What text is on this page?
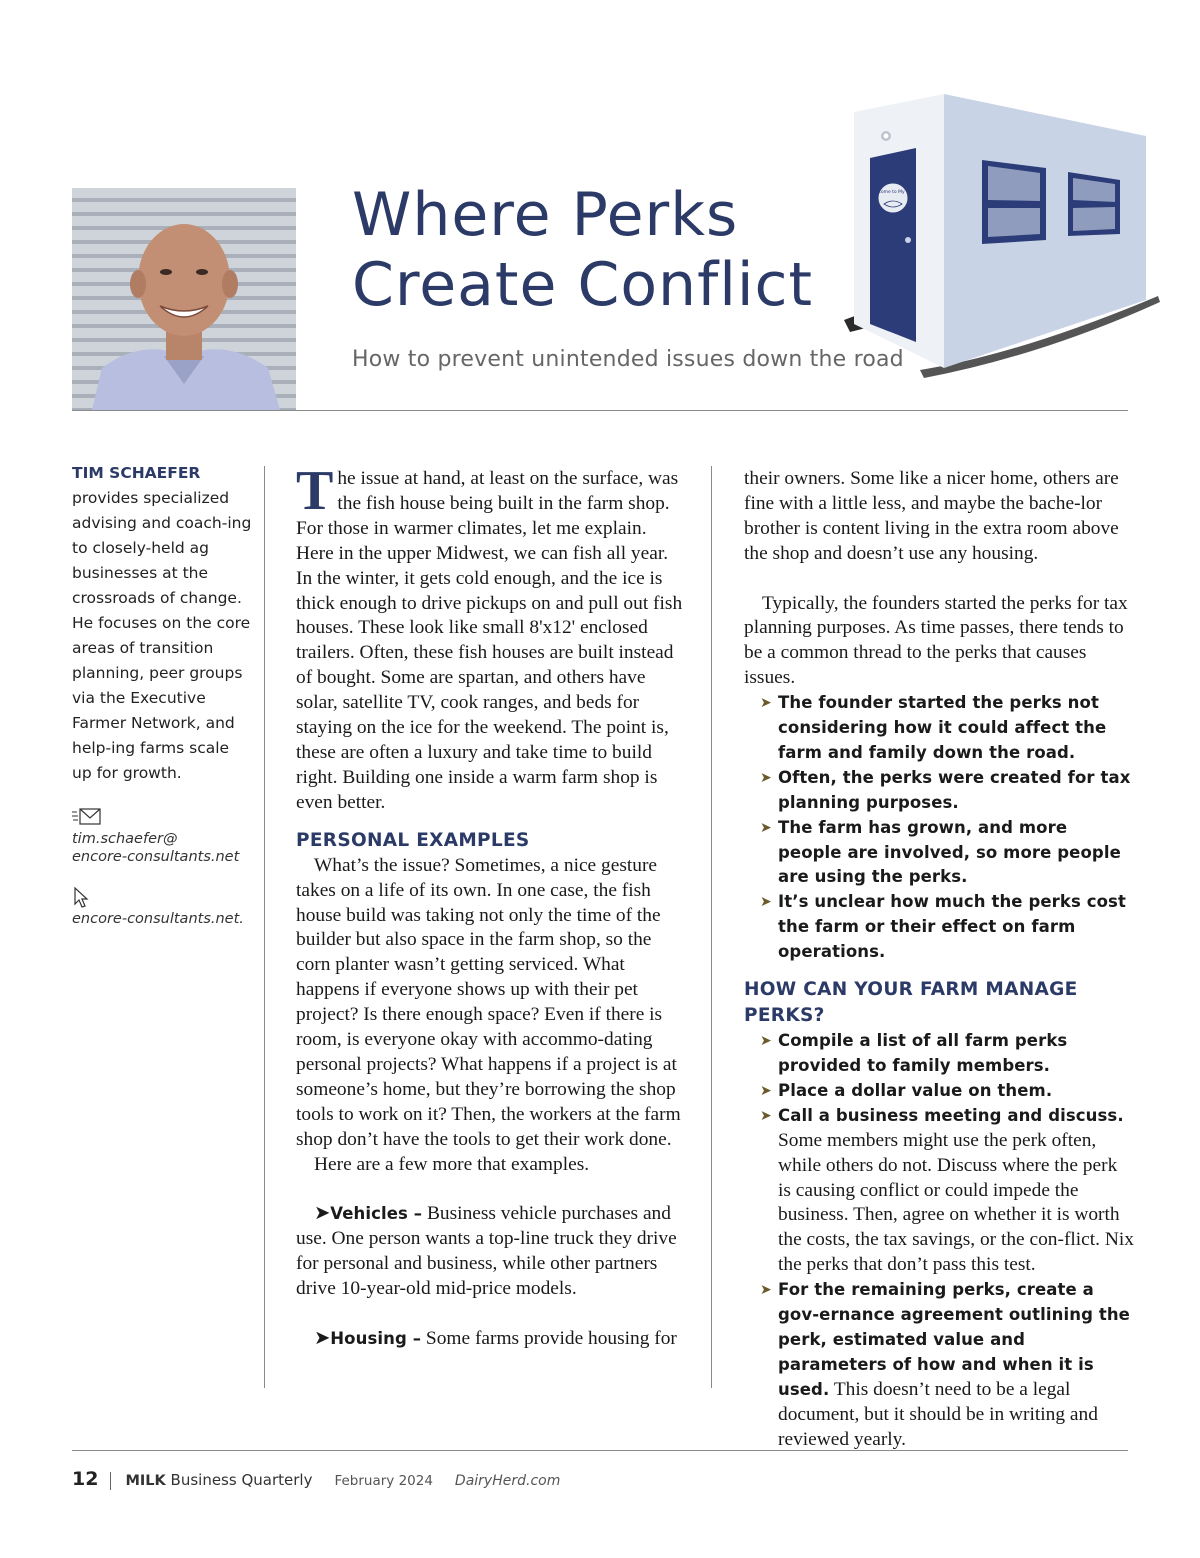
Where Perks
Create Conflict
How to prevent unintended issues down the road
Welcome to My Perk
TIM SCHAEFER
provides specialized advising and coach-ing to closely-held ag businesses at the crossroads of change. He focuses on the core areas of transition planning, peer groups via the Executive Farmer Network, and help-ing farms scale up for growth.
tim.schaefer@
encore-consultants.net
encore-consultants.net.
T he issue at hand, at least on the surface, was the fish house being built in the farm shop. For those in warmer climates, let me explain. Here in the upper Midwest, we can fish all year. In the winter, it gets cold enough, and the ice is thick enough to drive pickups on and pull out fish houses. These look like small 8'x12' enclosed trailers. Often, these fish houses are built instead of bought. Some are spartan, and others have solar, satellite TV, cook ranges, and beds for staying on the ice for the weekend. The point is, these are often a luxury and take time to build right. Building one inside a warm farm shop is even better.
PERSONAL EXAMPLES
What’s the issue? Sometimes, a nice gesture takes on a life of its own. In one case, the fish house build was taking not only the time of the builder but also space in the farm shop, so the corn planter wasn’t getting serviced. What happens if everyone shows up with their pet project? Is there enough space? Even if there is room, is everyone okay with accommo-dating personal projects? What happens if a project is at someone’s home, but they’re borrowing the shop tools to work on it? Then, the workers at the farm shop don’t have the tools to get their work done.
Here are a few more that examples.
➤Vehicles – Business vehicle purchases and use. One person wants a top-line truck they drive for personal and business, while other partners drive 10-year-old mid-price models.
➤Housing – Some farms provide housing for
their owners. Some like a nicer home, others are fine with a little less, and maybe the bache-lor brother is content living in the extra room above the shop and doesn’t use any housing.
Typically, the founders started the perks for tax planning purposes. As time passes, there tends to be a common thread to the perks that causes issues.
➤ The founder started the perks not considering how it could affect the farm and family down the road.
➤ Often, the perks were created for tax planning purposes.
➤ The farm has grown, and more people are involved, so more people are using the perks.
➤ It’s unclear how much the perks cost the farm or their effect on farm operations.
HOW CAN YOUR FARM MANAGE PERKS?
➤ Compile a list of all farm perks provided to family members.
➤ Place a dollar value on them.
➤ Call a business meeting and discuss. Some members might use the perk often, while others do not. Discuss where the perk is causing conflict or could impede the business. Then, agree on whether it is worth the costs, the tax savings, or the con-flict. Nix the perks that don’t pass this test.
➤ For the remaining perks, create a gov-ernance agreement outlining the perk, estimated value and parameters of how and when it is used. This doesn’t need to be a legal document, but it should be in writing and reviewed yearly.
12 MILK Business Quarterly February 2024 DairyHerd.com
